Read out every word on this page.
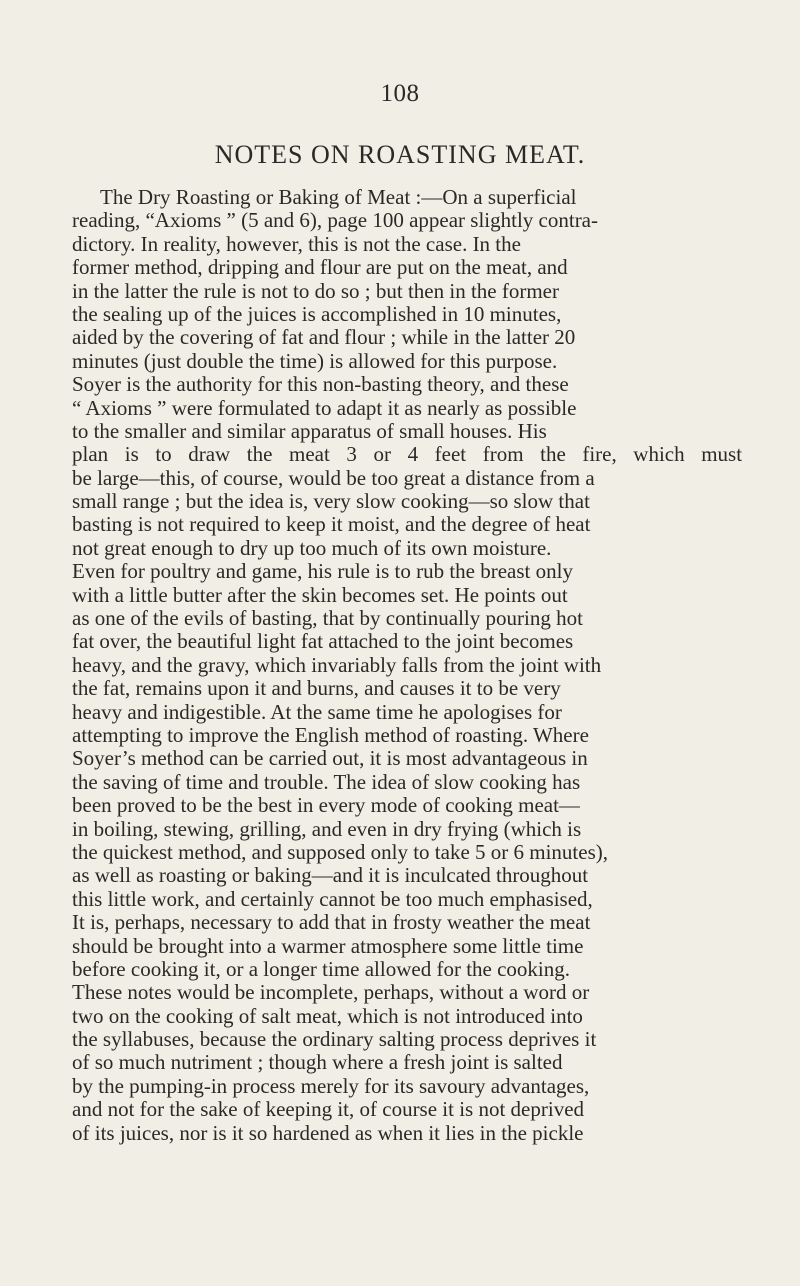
108
NOTES ON ROASTING MEAT.
The Dry Roasting or Baking of Meat :—On a superficial
reading, “Axioms ” (5 and 6), page 100 appear slightly contra-
dictory. In reality, however, this is not the case. In the
former method, dripping and flour are put on the meat, and
in the latter the rule is not to do so ; but then in the former
the sealing up of the juices is accomplished in 10 minutes,
aided by the covering of fat and flour ; while in the latter 20
minutes (just double the time) is allowed for this purpose.
Soyer is the authority for this non-basting theory, and these
“ Axioms ” were formulated to adapt it as nearly as possible
to the smaller and similar apparatus of small houses. His
plan is to draw the meat 3 or 4 feet from the fire, which must
be large—this, of course, would be too great a distance from a
small range ; but the idea is, very slow cooking—so slow that
basting is not required to keep it moist, and the degree of heat
not great enough to dry up too much of its own moisture.
Even for poultry and game, his rule is to rub the breast only
with a little butter after the skin becomes set. He points out
as one of the evils of basting, that by continually pouring hot
fat over, the beautiful light fat attached to the joint becomes
heavy, and the gravy, which invariably falls from the joint with
the fat, remains upon it and burns, and causes it to be very
heavy and indigestible. At the same time he apologises for
attempting to improve the English method of roasting. Where
Soyer’s method can be carried out, it is most advantageous in
the saving of time and trouble. The idea of slow cooking has
been proved to be the best in every mode of cooking meat—
in boiling, stewing, grilling, and even in dry frying (which is
the quickest method, and supposed only to take 5 or 6 minutes),
as well as roasting or baking—and it is inculcated throughout
this little work, and certainly cannot be too much emphasised,
It is, perhaps, necessary to add that in frosty weather the meat
should be brought into a warmer atmosphere some little time
before cooking it, or a longer time allowed for the cooking.
These notes would be incomplete, perhaps, without a word or
two on the cooking of salt meat, which is not introduced into
the syllabuses, because the ordinary salting process deprives it
of so much nutriment ; though where a fresh joint is salted
by the pumping-in process merely for its savoury advantages,
and not for the sake of keeping it, of course it is not deprived
of its juices, nor is it so hardened as when it lies in the pickle
